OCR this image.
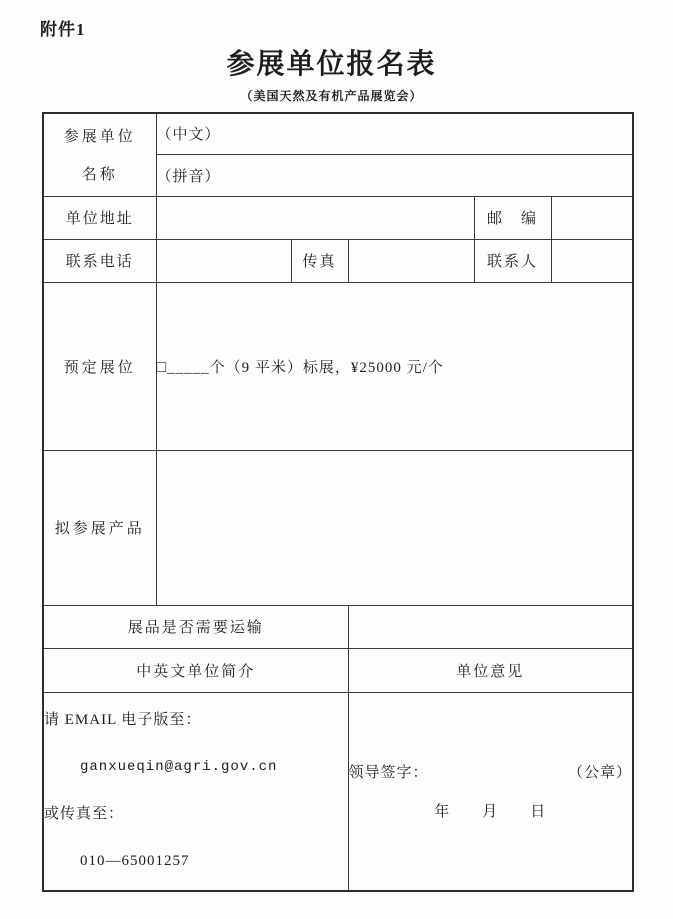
附件1
参展单位报名表
（美国天然及有机产品展览会）
参展单位
名称	（中文）				
	（拼音）				
单位地址				邮　编	
联系电话		传真		联系人	
预定展位	□_____个（9 平米）标展，¥25000 元/个				
拟参展产品					
展品是否需要运输					
中英文单位简介			单位意见		

请 EMAIL 电子版至：
ganxueqin@agri.gov.cn
或传真至：
010—65001257

领导签字：	（公章）
年　　月　　日
